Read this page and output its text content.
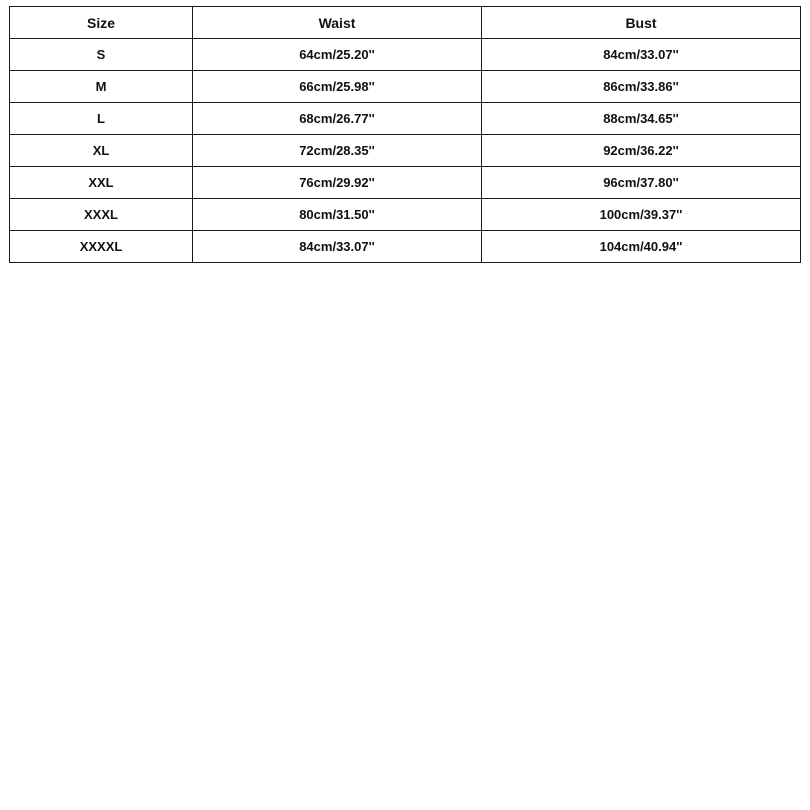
Size	Waist	Bust
S	64cm/25.20''	84cm/33.07''
M	66cm/25.98''	86cm/33.86''
L	68cm/26.77''	88cm/34.65''
XL	72cm/28.35''	92cm/36.22''
XXL	76cm/29.92''	96cm/37.80''
XXXL	80cm/31.50''	100cm/39.37''
XXXXL	84cm/33.07''	104cm/40.94''
